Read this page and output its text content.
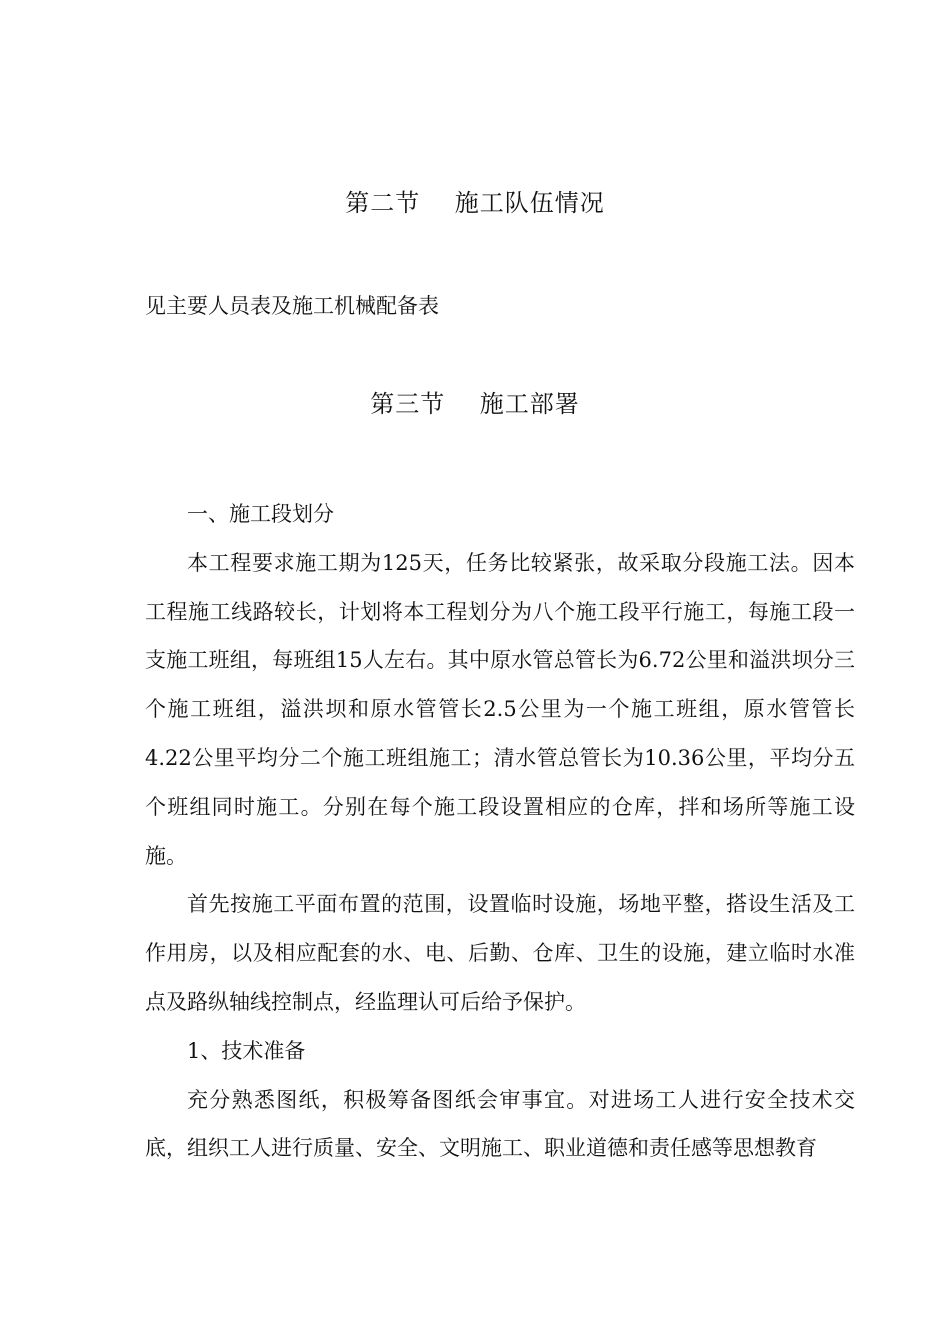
第二节    施工队伍情况
见主要人员表及施工机械配备表
第三节    施工部署

一、施工段划分

本工程要求施工期为125天，任务比较紧张，故采取分段施工法。因本工程施工线路较长，计划将本工程划分为八个施工段平行施工，每施工段一支施工班组，每班组15人左右。其中原水管总管长为6.72公里和溢洪坝分三个施工班组，溢洪坝和原水管管长2.5公里为一个施工班组，原水管管长4.22公里平均分二个施工班组施工；清水管总管长为10.36公里，平均分五个班组同时施工。分别在每个施工段设置相应的仓库，拌和场所等施工设施。

首先按施工平面布置的范围，设置临时设施，场地平整，搭设生活及工作用房，以及相应配套的水、电、后勤、仓库、卫生的设施，建立临时水准点及路纵轴线控制点，经监理认可后给予保护。

1、技术准备

充分熟悉图纸，积极筹备图纸会审事宜。对进场工人进行安全技术交底，组织工人进行质量、安全、文明施工、职业道德和责任感等思想教育
